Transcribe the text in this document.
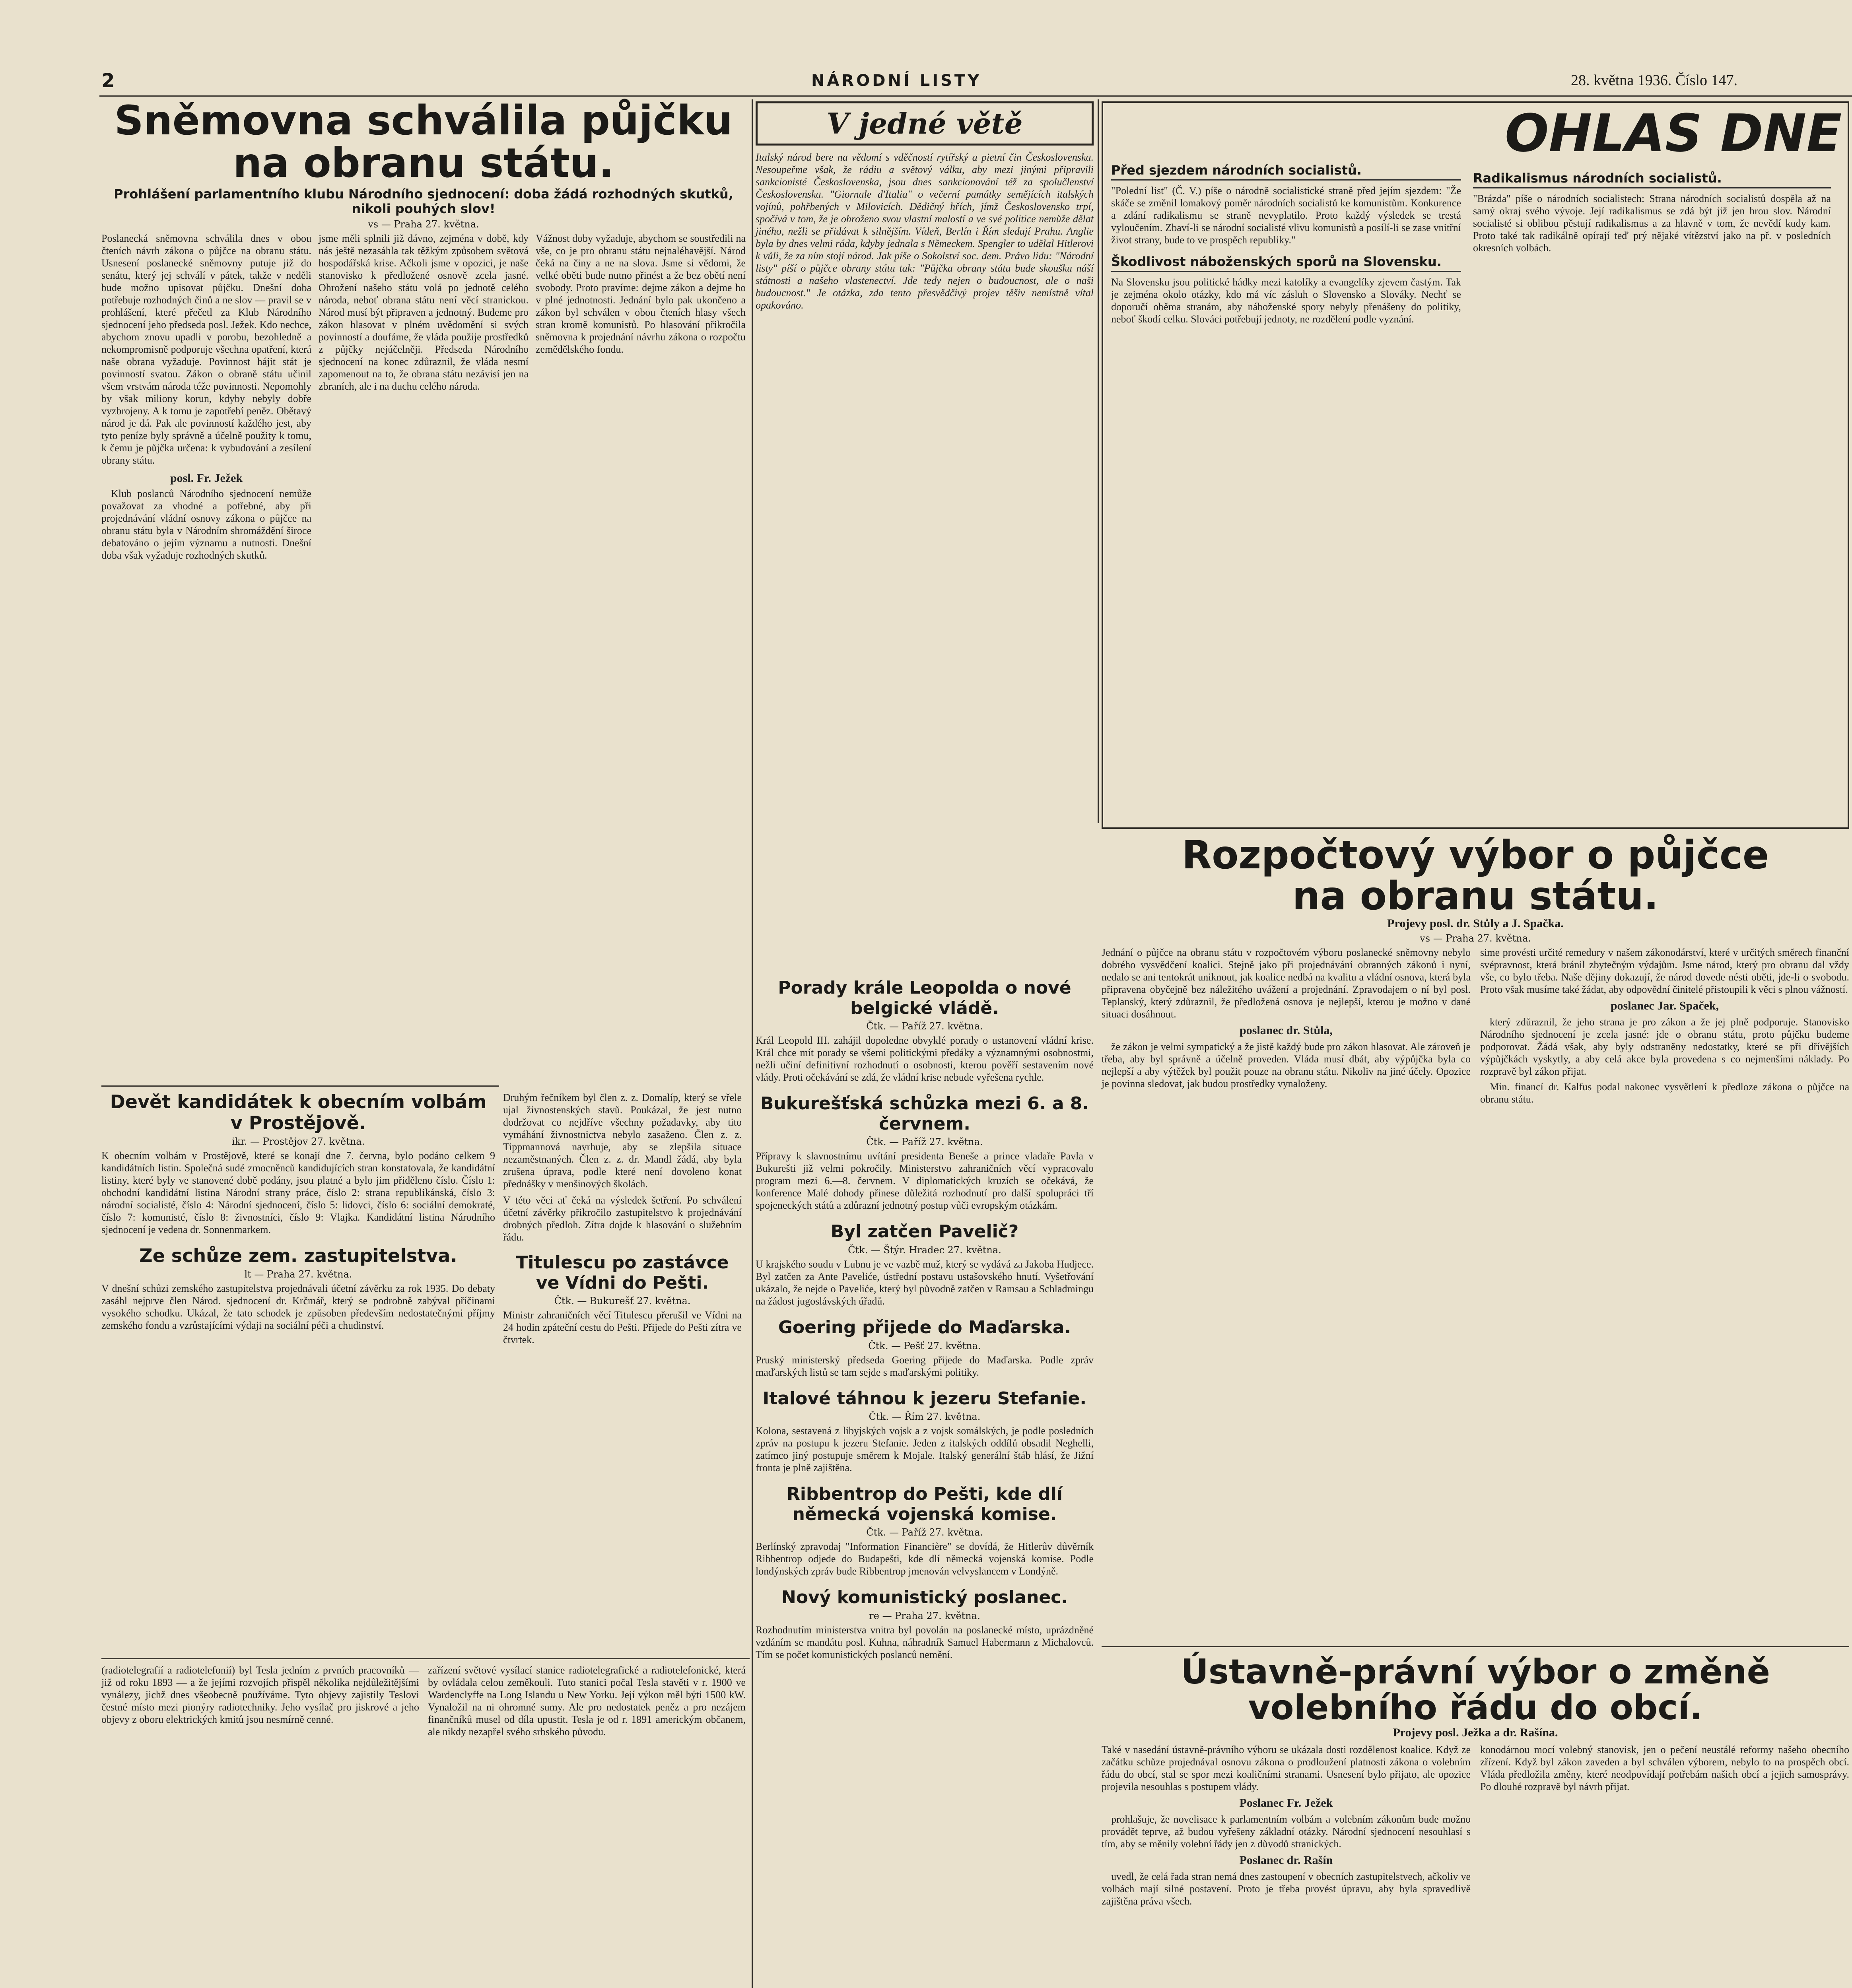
2	NÁRODNÍ LISTY	28. května 1936. Číslo 147.
Sněmovna schválila půjčku
na obranu státu.
Prohlášení parlamentního klubu Národního sjednocení: doba žádá rozhodných skutků, nikoli pouhých slov!
vs — Praha 27. května.

Poslanecká sněmovna schválila dnes v obou čteních návrh zákona o půjčce na obranu státu. Usnesení poslanecké sněmovny putuje již do senátu, který jej schválí v pátek, takže v neděli bude možno upisovat půjčku. Dnešní doba potřebuje rozhodných činů a ne slov — pravil se v prohlášení, které přečetl za Klub Národního sjednocení jeho předseda posl. Ježek. Kdo nechce, abychom znovu upadli v porobu, bezohledně a nekompromisně podporuje všechna opatření, která naše obrana vyžaduje. Povinnost hájit stát je povinností svatou. Zákon o obraně státu učinil všem vrstvám národa téže povinnosti. Nepomohly by však miliony korun, kdyby nebyly dobře vyzbrojeny. A k tomu je zapotřebí peněz. Obětavý národ je dá. Pak ale povinností každého jest, aby tyto peníze byly správně a účelně použity k tomu, k čemu je půjčka určena: k vybudování a zesílení obrany státu.

posl. Fr. Ježek

Klub poslanců Národního sjednocení nemůže považovat za vhodné a potřebné, aby při projednávání vládní osnovy zákona o půjčce na obranu státu byla v Národním shromáždění široce debatováno o jejím významu a nutnosti. Dnešní doba však vyžaduje rozhodných skutků.

jsme měli splnili již dávno, zejména v době, kdy nás ještě nezasáhla tak těžkým způsobem světová hospodářská krise. Ačkoli jsme v opozici, je naše stanovisko k předložené osnově zcela jasné. Ohrožení našeho státu volá po jednotě celého národa, neboť obrana státu není věcí stranickou. Národ musí být připraven a jednotný. Budeme pro zákon hlasovat v plném uvědomění si svých povinností a doufáme, že vláda použije prostředků z půjčky nejúčelněji. Předseda Národního sjednocení na konec zdůraznil, že vláda nesmí zapomenout na to, že obrana státu nezávisí jen na zbraních, ale i na duchu celého národa.

Vážnost doby vyžaduje, abychom se soustředili na vše, co je pro obranu státu nejnaléhavější. Národ čeká na činy a ne na slova. Jsme si vědomi, že velké oběti bude nutno přinést a že bez obětí není svobody. Proto pravíme: dejme zákon a dejme ho v plné jednotnosti. Jednání bylo pak ukončeno a zákon byl schválen v obou čteních hlasy všech stran kromě komunistů. Po hlasování přikročila sněmovna k projednání návrhu zákona o rozpočtu zemědělského fondu.

V jedné větě

Italský národ bere na vědomí s vděčností rytířský a pietní čin Československa. Nesoupeřme však, že rádiu a světový válku, aby mezi jinými připravili sankcionisté Československa, jsou dnes sankcionování též za spolučlenství Československa. "Giornale d'Italia" o večerní památky semějících italských vojínů, pohřbených v Milovicích. Dědičný hřích, jímž Československo trpí, spočívá v tom, že je ohroženo svou vlastní malostí a ve své politice nemůže dělat jiného, nežli se přidávat k silnějším. Vídeň, Berlín i Řím sledují Prahu. Anglie byla by dnes velmi ráda, kdyby jednala s Německem. Spengler to udělal Hitlerovi k vůli, že za ním stojí národ. Jak píše o Sokolství soc. dem. Právo lidu: "Národní listy" píší o půjčce obrany státu tak: "Půjčka obrany státu bude skoušku náší státnosti a našeho vlastenectví. Jde tedy nejen o budoucnost, ale o naši budoucnost." Je otázka, zda tento přesvědčivý projev těšiv nemístně vítal opakováno.

OHLAS DNE
Před sjezdem národních socialistů.

"Polední list" (Č. V.) píše o národně socialistické straně před jejím sjezdem: "Že skáče se změnil lomakový poměr národních socialistů ke komunistům. Konkurence a zdání radikalismu se straně nevyplatilo. Proto každý výsledek se trestá vyloučením. Zbaví-li se národní socialisté vlivu komunistů a posílí-li se zase vnitřní život strany, bude to ve prospěch republiky."

Škodlivost náboženských sporů na Slovensku.

Na Slovensku jsou politické hádky mezi katolíky a evangelíky zjevem častým. Tak je zejména okolo otázky, kdo má víc zásluh o Slovensko a Slováky. Nechť se doporučí oběma stranám, aby náboženské spory nebyly přenášeny do politiky, neboť škodí celku. Slováci potřebují jednoty, ne rozdělení podle vyznání.

Radikalismus národních socialistů.

"Brázda" píše o národních socialistech: Strana národních socialistů dospěla až na samý okraj svého vývoje. Její radikalismus se zdá být již jen hrou slov. Národní socialisté si oblibou pěstují radikalismus a za hlavně v tom, že nevědí kudy kam. Proto také tak radikálně opírají teď prý nějaké vítězství jako na př. v posledních okresních volbách.

Rozpočtový výbor o půjčce
na obranu státu.
Projevy posl. dr. Stůly a J. Spačka.
vs — Praha 27. května.

Jednání o půjčce na obranu státu v rozpočtovém výboru poslanecké sněmovny nebylo dobrého vysvědčení koalici. Stejně jako při projednávání obranných zákonů i nyní, nedalo se ani tentokrát uniknout, jak koalice nedbá na kvalitu a vládní osnova, která byla připravena obyčejně bez náležitého uvážení a projednání. Zpravodajem o ní byl posl. Teplanský, který zdůraznil, že předložená osnova je nejlepší, kterou je možno v dané situaci dosáhnout.

poslanec dr. Stůla,

že zákon je velmi sympatický a že jistě každý bude pro zákon hlasovat. Ale zároveň je třeba, aby byl správně a účelně proveden. Vláda musí dbát, aby výpůjčka byla co nejlepší a aby výtěžek byl použit pouze na obranu státu. Nikoliv na jiné účely. Opozice je povinna sledovat, jak budou prostředky vynaloženy.

sime provésti určité remedury v našem zákonodárství, které v určitých směrech finanční svépravnost, která bránil zbytečným výdajům. Jsme národ, který pro obranu dal vždy vše, co bylo třeba. Naše dějiny dokazují, že národ dovede nésti oběti, jde-li o svobodu. Proto však musíme také žádat, aby odpovědní činitelé přistoupili k věci s plnou vážností.

poslanec Jar. Spaček,

který zdůraznil, že jeho strana je pro zákon a že jej plně podporuje. Stanovisko Národního sjednocení je zcela jasné: jde o obranu státu, proto půjčku budeme podporovat. Žádá však, aby byly odstraněny nedostatky, které se při dřívějších výpůjčkách vyskytly, a aby celá akce byla provedena s co nejmenšími náklady. Po rozpravě byl zákon přijat.

Min. financí dr. Kalfus podal nakonec vysvětlení k předloze zákona o půjčce na obranu státu.

Devět kandidátek k obecním volbám v Prostějově.
ikr. — Prostějov 27. května.

K obecním volbám v Prostějově, které se konají dne 7. června, bylo podáno celkem 9 kandidátních listin. Společná sudé zmocněnců kandidujících stran konstatovala, že kandidátní listiny, které byly ve stanovené době podány, jsou platné a bylo jim přiděleno číslo. Číslo 1: obchodní kandidátní listina Národní strany práce, číslo 2: strana republikánská, číslo 3: národní socialisté, číslo 4: Národní sjednocení, číslo 5: lidovci, číslo 6: sociální demokraté, číslo 7: komunisté, číslo 8: živnostníci, číslo 9: Vlajka. Kandidátní listina Národního sjednocení je vedena dr. Sonnenmarkem.

Ze schůze zem. zastupitelstva.
lt — Praha 27. května.

V dnešní schůzi zemského zastupitelstva projednávali účetní závěrku za rok 1935. Do debaty zasáhl nejprve člen Národ. sjednocení dr. Krčmář, který se podrobně zabýval příčinami vysokého schodku. Ukázal, že tato schodek je způsoben především nedostatečnými příjmy zemského fondu a vzrůstajícími výdaji na sociální péči a chudinství.

Druhým řečníkem byl člen z. z. Domalíp, který se vřele ujal živnostenských stavů. Poukázal, že jest nutno dodržovat co nejdříve všechny požadavky, aby tito vymáhání živnostnictva nebylo zasaženo. Člen z. z. Tippmannová navrhuje, aby se zlepšila situace nezaměstnaných. Člen z. z. dr. Mandl žádá, aby byla zrušena úprava, podle které není dovoleno konat přednášky v menšinových školách.

V této věci ať čeká na výsledek šetření. Po schválení účetní závěrky přikročilo zastupitelstvo k projednávání drobných předloh. Zítra dojde k hlasování o služebním řádu.

Titulescu po zastávce ve Vídni do Pešti.
Čtk. — Bukurešť 27. května.

Ministr zahraničních věcí Titulescu přerušil ve Vídni na 24 hodin zpáteční cestu do Pešti. Přijede do Pešti zítra ve čtvrtek.

Porady krále Leopolda o nové belgické vládě.
Čtk. — Paříž 27. května.

Král Leopold III. zahájil dopoledne obvyklé porady o ustanovení vládní krise. Král chce mít porady se všemi politickými předáky a významnými osobnostmi, nežli učiní definitivní rozhodnutí o osobnosti, kterou pověří sestavením nové vlády. Proti očekávání se zdá, že vládní krise nebude vyřešena rychle.

Bukurešťská schůzka mezi 6. a 8. červnem.
Čtk. — Paříž 27. května.

Přípravy k slavnostnímu uvítání presidenta Beneše a prince vladaře Pavla v Bukurešti již velmi pokročily. Ministerstvo zahraničních věcí vypracovalo program mezi 6.—8. červnem. V diplomatických kruzích se očekává, že konference Malé dohody přinese důležitá rozhodnutí pro další spolupráci tří spojeneckých států a zdůrazní jednotný postup vůči evropským otázkám.

Byl zatčen Pavelič?
Čtk. — Štýr. Hradec 27. května.

U krajského soudu v Lubnu je ve vazbě muž, který se vydává za Jakoba Hudjece. Byl zatčen za Ante Paveliće, ústřední postavu ustašovského hnutí. Vyšetřování ukázalo, že nejde o Paveliće, který byl původně zatčen v Ramsau a Schladmingu na žádost jugoslávských úřadů.

Goering přijede do Maďarska.
Čtk. — Pešť 27. května.

Pruský ministerský předseda Goering přijede do Maďarska. Podle zpráv maďarských listů se tam sejde s maďarskými politiky.

Italové táhnou k jezeru Stefanie.
Čtk. — Řím 27. května.

Kolona, sestavená z libyjských vojsk a z vojsk somálských, je podle posledních zpráv na postupu k jezeru Stefanie. Jeden z italských oddílů obsadil Neghelli, zatímco jiný postupuje směrem k Mojale. Italský generální štáb hlásí, že Jižní fronta je plně zajištěna.

Ribbentrop do Pešti, kde dlí německá vojenská komise.
Čtk. — Paříž 27. května.

Berlínský zpravodaj "Information Financière" se dovídá, že Hitlerův důvěrník Ribbentrop odjede do Budapešti, kde dlí německá vojenská komise. Podle londýnských zpráv bude Ribbentrop jmenován velvyslancem v Londýně.

Nový komunistický poslanec.
re — Praha 27. května.

Rozhodnutím ministerstva vnitra byl povolán na poslanecké místo, uprázdněné vzdáním se mandátu posl. Kuhna, náhradník Samuel Habermann z Michalovců. Tím se počet komunistických poslanců nemění.

(radiotelegrafií a radiotelefonií) byl Tesla jedním z prvních pracovníků — již od roku 1893 — a že jejími rozvojích přispěl několika nejdůležitějšími vynálezy, jichž dnes všeobecně používáme. Tyto objevy zajistily Teslovi čestné místo mezi pionýry radiotechniky. Jeho vysílač pro jiskrové a jeho objevy z oboru elektrických kmitů jsou nesmírně cenné.

zařízení světové vysílací stanice radiotelegrafické a radiotelefonické, která by ovládala celou zeměkouli. Tuto stanici počal Tesla stavěti v r. 1900 ve Wardenclyffe na Long Islandu u New Yorku. Její výkon měl býti 1500 kW. Vynaložil na ni ohromné sumy. Ale pro nedostatek peněz a pro nezájem finančníků musel od díla upustit. Tesla je od r. 1891 americkým občanem, ale nikdy nezapřel svého srbského původu.

Ústavně-právní výbor o změně
volebního řádu do obcí.
Projevy posl. Ježka a dr. Rašína.

Také v nasedání ústavně-právního výboru se ukázala dosti rozdělenost koalice. Když ze začátku schůze projednával osnovu zákona o prodloužení platnosti zákona o volebním řádu do obcí, stal se spor mezi koaličními stranami. Usnesení bylo přijato, ale opozice projevila nesouhlas s postupem vlády.

Poslanec Fr. Ježek

prohlašuje, že novelisace k parlamentním volbám a volebním zákonům bude možno provádět teprve, až budou vyřešeny základní otázky. Národní sjednocení nesouhlasí s tím, aby se měnily volební řády jen z důvodů stranických.

Poslanec dr. Rašín

uvedl, že celá řada stran nemá dnes zastoupení v obecních zastupitelstvech, ačkoliv ve volbách mají silné postavení. Proto je třeba provést úpravu, aby byla spravedlivě zajištěna práva všech.

konodárnou mocí volebný stanovisk, jen o pečení neustálé reformy našeho obecního zřízení. Když byl zákon zaveden a byl schválen výborem, nebylo to na prospěch obcí. Vláda předložila změny, které neodpovídají potřebám našich obcí a jejich samosprávy. Po dlouhé rozpravě byl návrh přijat.
